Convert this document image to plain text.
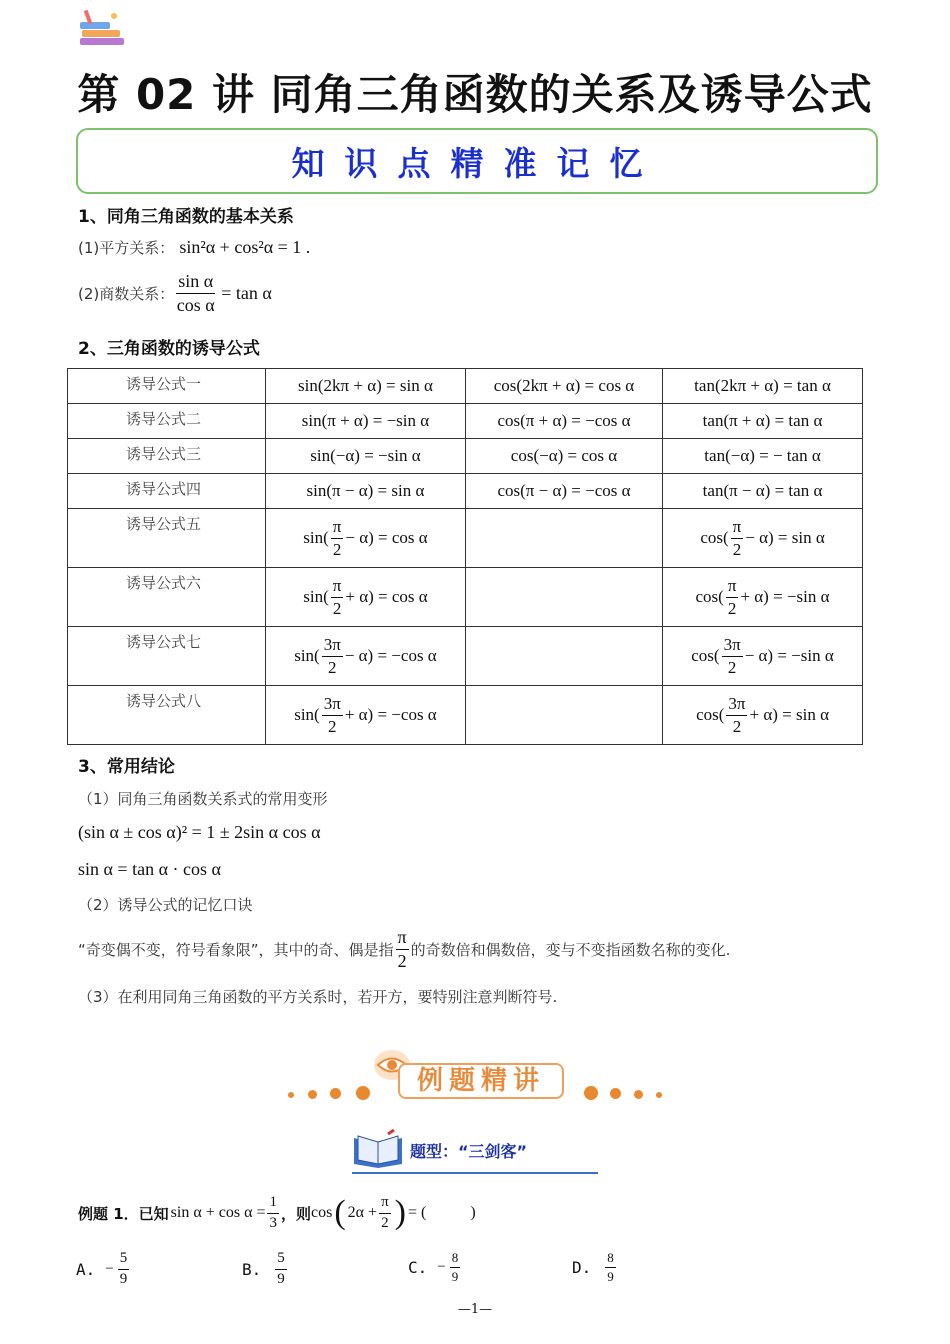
第 02 讲 同角三角函数的关系及诱导公式
知识点精准记忆
1、同角三角函数的基本关系
(1)平方关系： sin²α + cos²α = 1 .
(2)商数关系： $\frac{\text{sin α}}{\text{cos α}} = \tan \alpha$
2、三角函数的诱导公式
诱导公式一	sin(2kπ + α) = sin α	cos(2kπ + α) = cos α	tan(2kπ + α) = tan α
诱导公式二	sin(π + α) = −sin α	cos(π + α) = −cos α	tan(π + α) = tan α
诱导公式三	sin(−α) = −sin α	cos(−α) = cos α	tan(−α) = − tan α
诱导公式四	sin(π − α) = sin α	cos(π − α) = −cos α	tan(π − α) = tan α
诱导公式五	$\sin( \frac{\pi}{2} - \alpha) = \cos \alpha$		$\cos( \frac{\pi}{2} - \alpha) = \sin \alpha$

诱导公式六	$\sin( \frac{\pi}{2} + \alpha) = \cos \alpha$		$\cos( \frac{\pi}{2} + \alpha) = -\sin$ α

诱导公式七	$\sin( \frac{3\pi}{2} - \alpha) = -\cos$ α		$\cos( \frac{3\pi}{2} - \alpha) = -\sin$ α

诱导公式八	$\sin( \frac{3\pi}{2} + \alpha) = -\cos$ α		$\cos( \frac{3\pi}{2} + \alpha) = \sin \alpha$
3、常用结论
（1）同角三角函数关系式的常用变形
(sin α ± cos α)² = 1 ± 2sin α cos α
sin α = tan α · cos α
（2）诱导公式的记忆口诀
“奇变偶不变，符号看象限”，其中的奇、偶是指 $\frac{\pi}{2}$ 的奇数倍和偶数倍，变与不变指函数名称的变化.
（3）在利用同角三角函数的平方关系时，若开方，要特别注意判断符号.
例题精讲
题型：“三剑客”
例题 1．已知 $\sin \alpha + \cos \alpha = \frac{1}{3}$ ，则 cos ( $2\alpha + \frac{\pi}{2}$ ) = (           )
A. − $\frac{5}{9}$	B. $\frac{5}{9}$	C. − $\frac{8}{9}$	D. $\frac{8}{9}$
—1—
